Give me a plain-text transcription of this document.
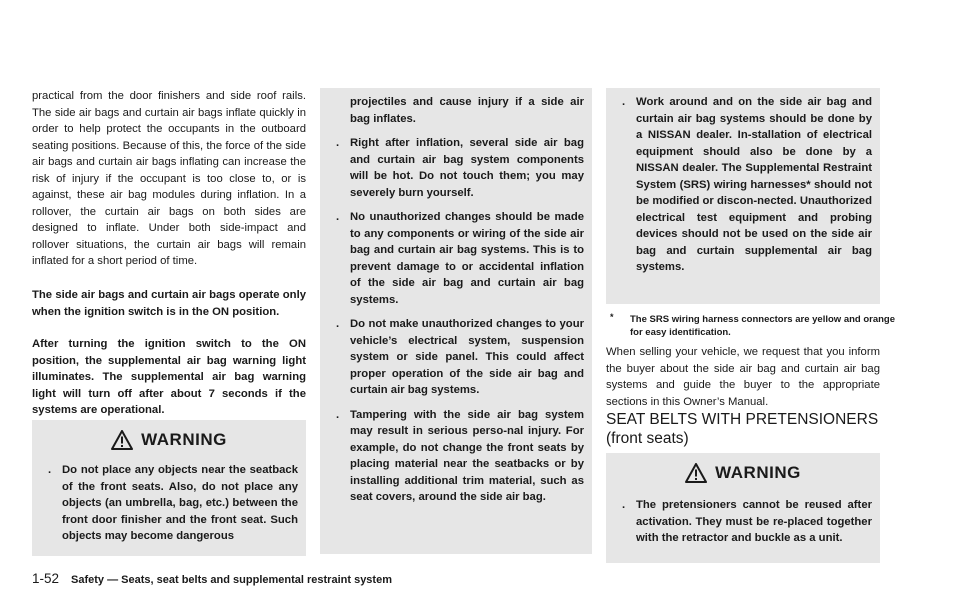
practical from the door finishers and side roof rails. The side air bags and curtain air bags inflate quickly in order to help protect the occupants in the outboard seating positions. Because of this, the force of the side air bags and curtain air bags inflating can increase the risk of injury if the occupant is too close to, or is against, these air bag modules during inflation. In a rollover, the curtain air bags on both sides are designed to inflate. Under both side-impact and rollover situations, the curtain air bags will remain inflated for a short period of time.

The side air bags and curtain air bags operate only when the ignition switch is in the ON position.

After turning the ignition switch to the ON position, the supplemental air bag warning light illuminates. The supplemental air bag warning light will turn off after about 7 seconds if the systems are operational.

WARNING
. Do not place any objects near the seatback of the front seats. Also, do not place any objects (an umbrella, bag, etc.) between the front door finisher and the front seat. Such objects may become dangerous
projectiles and cause injury if a side air bag inflates.
. Right after inflation, several side air bag and curtain air bag system components will be hot. Do not touch them; you may severely burn yourself.
. No unauthorized changes should be made to any components or wiring of the side air bag and curtain air bag systems. This is to prevent damage to or accidental inflation of the side air bag and curtain air bag systems.
. Do not make unauthorized changes to your vehicle’s electrical system, suspension system or side panel. This could affect proper operation of the side air bag and curtain air bag systems.
. Tampering with the side air bag system may result in serious perso-nal injury. For example, do not change the front seats by placing material near the seatbacks or by installing additional trim material, such as seat covers, around the side air bag.
. Work around and on the side air bag and curtain air bag systems should be done by a NISSAN dealer. In-stallation of electrical equipment should also be done by a NISSAN dealer. The Supplemental Restraint System (SRS) wiring harnesses* should not be modified or discon-nected. Unauthorized electrical test equipment and probing devices should not be used on the side air bag and curtain supplemental air bag systems.
* The SRS wiring harness connectors are yellow and orange for easy identification.

When selling your vehicle, we request that you inform the buyer about the side air bag and curtain air bag systems and guide the buyer to the appropriate sections in this Owner’s Manual.

SEAT BELTS WITH PRETENSIONERS

(front seats)

WARNING
. The pretensioners cannot be reused after activation. They must be re-placed together with the retractor and buckle as a unit.
1-52 Safety — Seats, seat belts and supplemental restraint system
